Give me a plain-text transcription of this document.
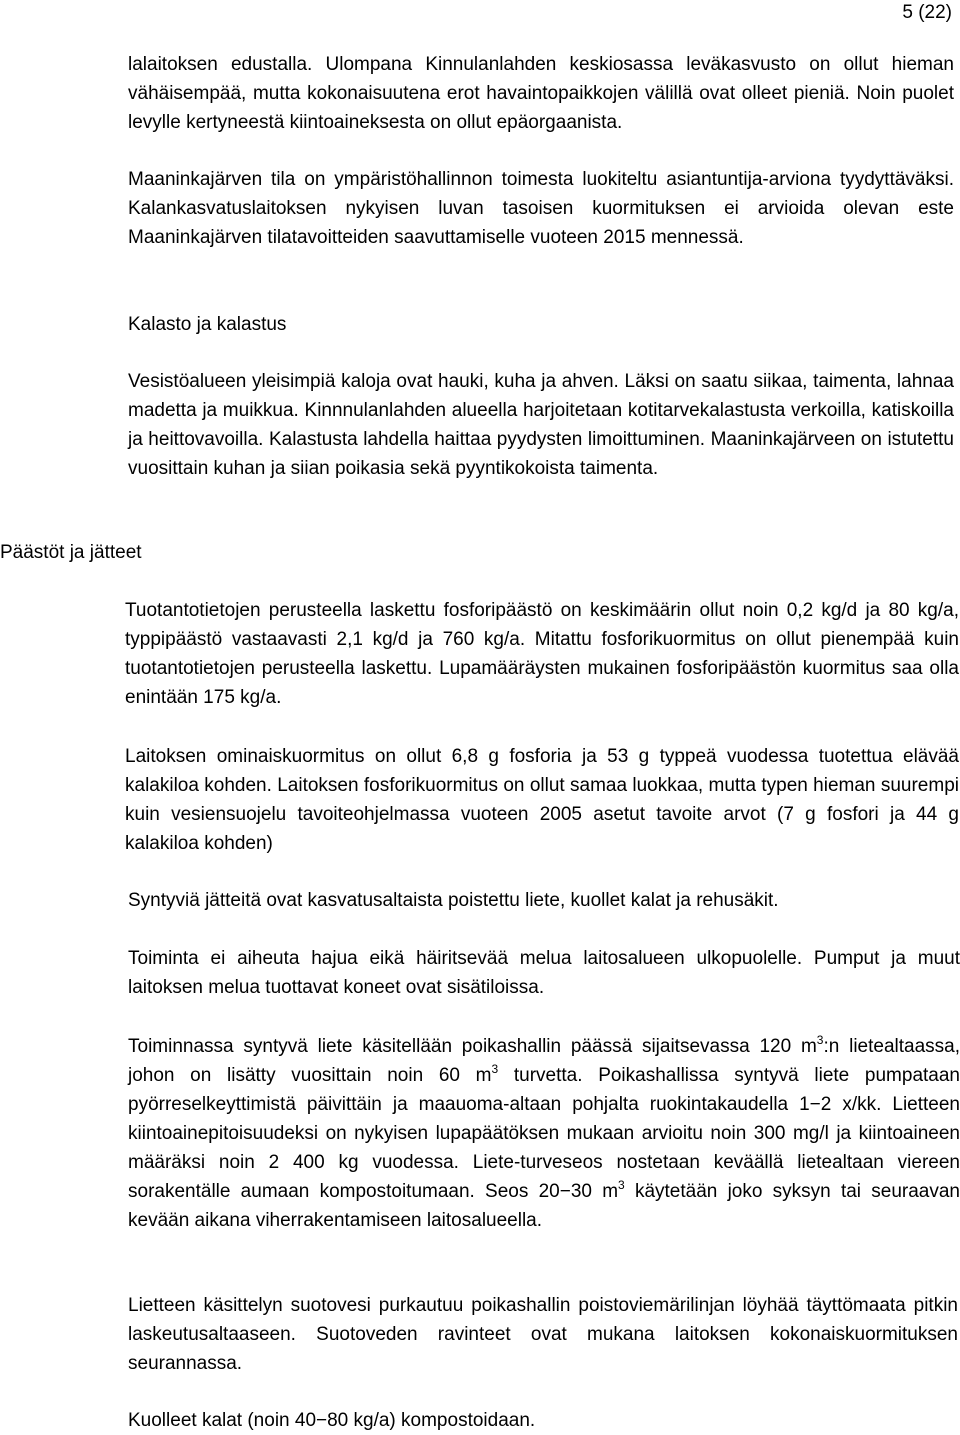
5 (22)

lalaitoksen edustalla. Ulompana Kinnulanlahden keskiosassa leväkasvusto on ollut hieman vähäisempää, mutta kokonaisuutena erot havaintopaikkojen välillä ovat olleet pieniä. Noin puolet levylle kertyneestä kiintoaineksesta on ollut epäorgaanista.

Maaninkajärven tila on ympäristöhallinnon toimesta luokiteltu asiantuntija-arviona tyydyttäväksi. Kalankasvatuslaitoksen nykyisen luvan tasoisen kuormituksen ei arvioida olevan este Maaninkajärven tilatavoitteiden saavuttamiselle vuoteen 2015 mennessä.

Kalasto ja kalastus

Vesistöalueen yleisimpiä kaloja ovat hauki, kuha ja ahven. Läksi on saatu siikaa, taimenta, lahnaa madetta ja muikkua. Kinnnulanlahden alueella harjoitetaan kotitarvekalastusta verkoilla, katiskoilla ja heittovavoilla. Kalastusta lahdella haittaa pyydysten limoittuminen. Maaninkajärveen on istutettu vuosittain kuhan ja siian poikasia sekä pyyntikokoista taimenta.

Päästöt ja jätteet

Tuotantotietojen perusteella laskettu fosforipäästö on keskimäärin ollut noin 0,2 kg/d ja 80 kg/a, typpipäästö vastaavasti 2,1 kg/d ja 760 kg/a. Mitattu fosforikuormitus on ollut pienempää kuin tuotantotietojen perusteella laskettu. Lupamääräysten mukainen fosforipäästön kuormitus saa olla enintään 175 kg/a.

Laitoksen ominaiskuormitus on ollut 6,8 g fosforia ja 53 g typpeä vuodessa tuotettua elävää kalakiloa kohden. Laitoksen fosforikuormitus on ollut samaa luokkaa, mutta typen hieman suurempi kuin vesiensuojelu tavoiteohjelmassa vuoteen 2005 asetut tavoite arvot (7 g fosfori ja 44 g kalakiloa kohden)

Syntyviä jätteitä ovat kasvatusaltaista poistettu liete, kuollet kalat ja rehusäkit.

Toiminta ei aiheuta hajua eikä häiritsevää melua laitosalueen ulkopuolelle. Pumput ja muut laitoksen melua tuottavat koneet ovat sisätiloissa.

Toiminnassa syntyvä liete käsitellään poikashallin päässä sijaitsevassa 120 $m^3:n$ lietealtaassa, johon on lisätty vuosittain noin 60 $m^3$ turvetta. Poikashallissa syntyvä liete pumpataan pyörreselkeyttimistä päivittäin ja maauoma-altaan pohjalta ruokintakaudella 1−2 x/kk. Lietteen kiintoainepitoisuudeksi on nykyisen lupapäätöksen mukaan arvioitu noin 300 mg/l ja kiintoaineen määräksi noin 2 400 kg vuodessa. Liete-turveseos nostetaan keväällä lietealtaan viereen sorakentälle aumaan kompostoitumaan. Seos 20−30 $m^3$ käytetään joko syksyn tai seuraavan kevään aikana viherrakentamiseen laitosalueella.

Lietteen käsittelyn suotovesi purkautuu poikashallin poistoviemärilinjan löyhää täyttömaata pitkin laskeutusaltaaseen. Suotoveden ravinteet ovat mukana laitoksen kokonaiskuormituksen seurannassa.

Kuolleet kalat (noin 40−80 kg/a) kompostoidaan.
